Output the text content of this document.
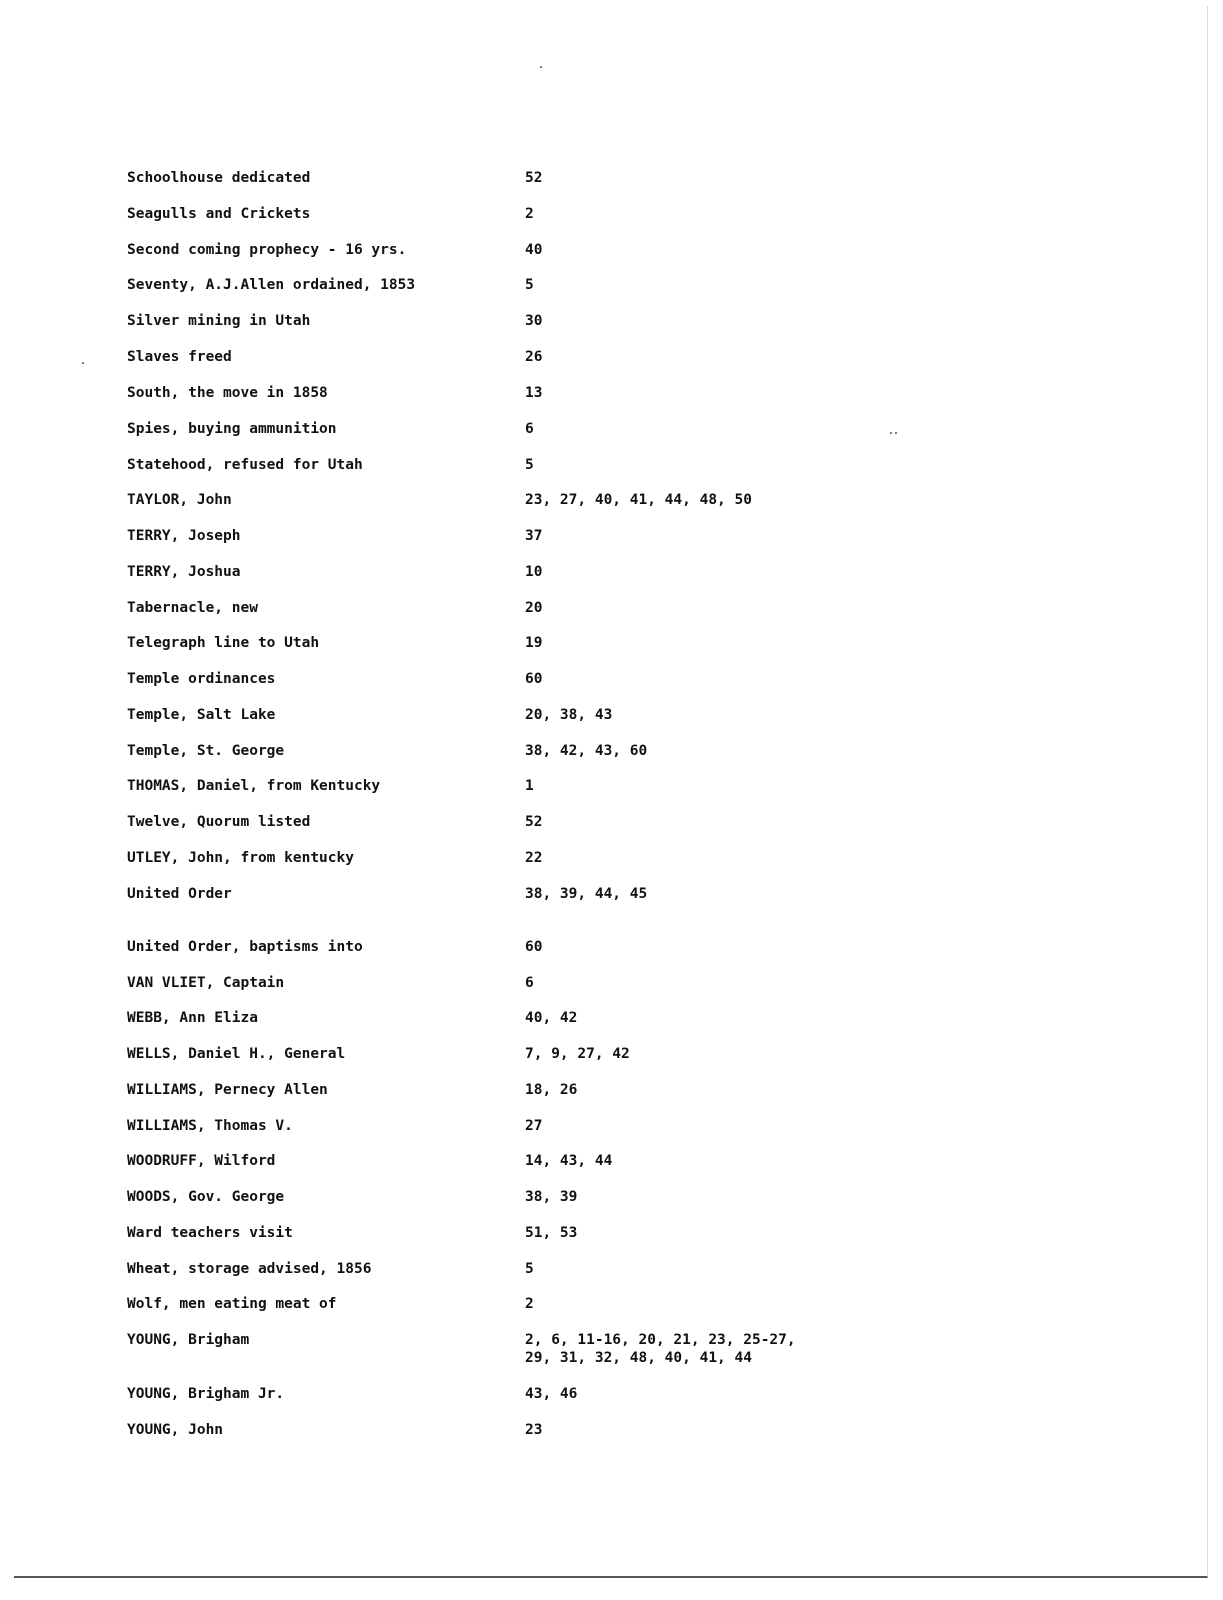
Schoolhouse dedicated	52
Seagulls and Crickets	2
Second coming prophecy - 16 yrs.	40
Seventy, A.J.Allen ordained, 1853	5
Silver mining in Utah	30
Slaves freed	26
South, the move in 1858	13
Spies, buying ammunition	6
Statehood, refused for Utah	5
TAYLOR, John	23, 27, 40, 41, 44, 48, 50
TERRY, Joseph	37
TERRY, Joshua	10
Tabernacle, new	20
Telegraph line to Utah	19
Temple ordinances	60
Temple, Salt Lake	20, 38, 43
Temple, St. George	38, 42, 43, 60
THOMAS, Daniel, from Kentucky	1
Twelve, Quorum listed	52
UTLEY, John, from kentucky	22
United Order	38, 39, 44, 45
United Order, baptisms into	60
VAN VLIET, Captain	6
WEBB, Ann Eliza	40, 42
WELLS, Daniel H., General	7, 9, 27, 42
WILLIAMS, Pernecy Allen	18, 26
WILLIAMS, Thomas V.	27
WOODRUFF, Wilford	14, 43, 44
WOODS, Gov. George	38, 39
Ward teachers visit	51, 53
Wheat, storage advised, 1856	5
Wolf, men eating meat of	2
YOUNG, Brigham	2, 6, 11-16, 20, 21, 23, 25-27,
29, 31, 32, 48, 40, 41, 44
YOUNG, Brigham Jr.	43, 46
YOUNG, John	23
